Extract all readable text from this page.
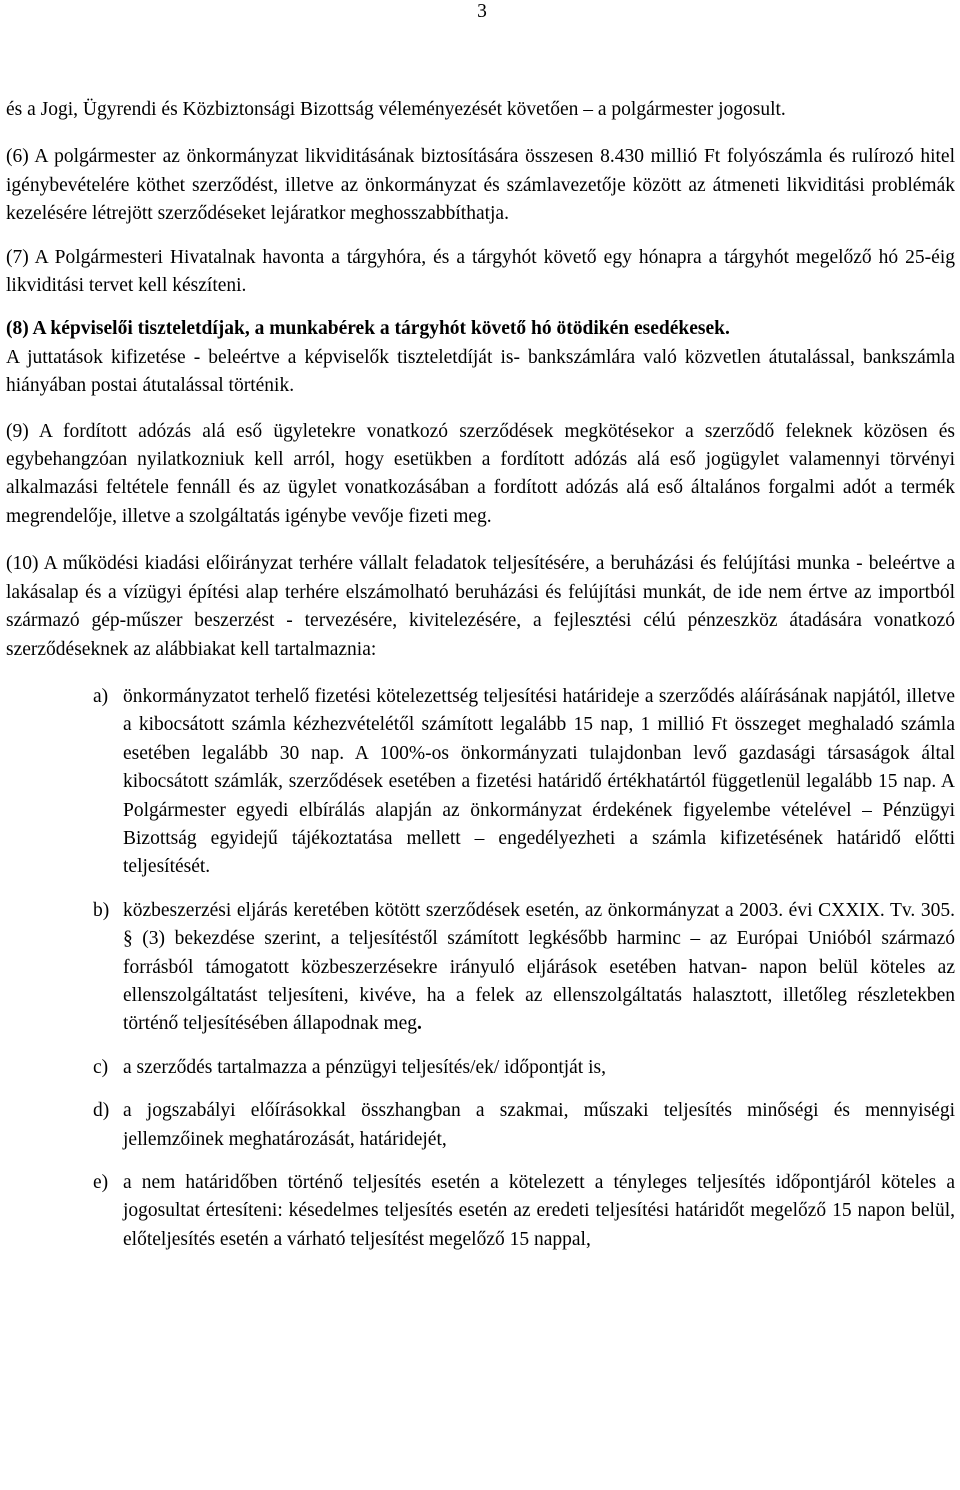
3

és a Jogi, Ügyrendi és Közbiztonsági Bizottság véleményezését követően – a polgármester jogosult.

(6) A polgármester az önkormányzat likviditásának biztosítására összesen 8.430 millió Ft folyószámla és rulírozó hitel igénybevételére köthet szerződést, illetve az önkormányzat és számlavezetője között az átmeneti likviditási problémák kezelésére létrejött szerződéseket lejáratkor meghosszabbíthatja.

(7) A Polgármesteri Hivatalnak havonta a tárgyhóra, és a tárgyhót követő egy hónapra a tárgyhót megelőző hó 25-éig likviditási tervet kell készíteni.

(8) A képviselői tiszteletdíjak, a munkabérek a tárgyhót követő hó ötödikén esedékesek.
A juttatások kifizetése - beleértve a képviselők tiszteletdíját is- bankszámlára való közvetlen átutalással, bankszámla hiányában postai átutalással történik.

(9) A fordított adózás alá eső ügyletekre vonatkozó szerződések megkötésekor a szerződő feleknek közösen és egybehangzóan nyilatkozniuk kell arról, hogy esetükben a fordított adózás alá eső jogügylet valamennyi törvényi alkalmazási feltétele fennáll és az ügylet vonatkozásában a fordított adózás alá eső általános forgalmi adót a termék megrendelője, illetve a szolgáltatás igénybe vevője fizeti meg.

(10) A működési kiadási előirányzat terhére vállalt feladatok teljesítésére, a beruházási és felújítási munka - beleértve a lakásalap és a vízügyi építési alap terhére elszámolható beruházási és felújítási munkát, de ide nem értve az importból származó gép-műszer beszerzést - tervezésére, kivitelezésére, a fejlesztési célú pénzeszköz átadására vonatkozó szerződéseknek az alábbiakat kell tartalmaznia:

a) önkormányzatot terhelő fizetési kötelezettség teljesítési határideje a szerződés aláírásának napjától, illetve a kibocsátott számla kézhezvételétől számított legalább 15 nap, 1 millió Ft összeget meghaladó számla esetében legalább 30 nap. A 100%-os önkormányzati tulajdonban levő gazdasági társaságok által kibocsátott számlák, szerződések esetében a fizetési határidő értékhatártól függetlenül legalább 15 nap. A Polgármester egyedi elbírálás alapján az önkormányzat érdekének figyelembe vételével – Pénzügyi Bizottság egyidejű tájékoztatása mellett – engedélyezheti a számla kifizetésének határidő előtti teljesítését.

b) közbeszerzési eljárás keretében kötött szerződések esetén, az önkormányzat a 2003. évi CXXIX. Tv. 305. § (3) bekezdése szerint, a teljesítéstől számított legkésőbb harminc – az Európai Unióból származó forrásból támogatott közbeszerzésekre irányuló eljárások esetében hatvan- napon belül köteles az ellenszolgáltatást teljesíteni, kivéve, ha a felek az ellenszolgáltatás halasztott, illetőleg részletekben történő teljesítésében állapodnak meg.

c) a szerződés tartalmazza a pénzügyi teljesítés/ek/ időpontját is,

d) a jogszabályi előírásokkal összhangban a szakmai, műszaki teljesítés minőségi és mennyiségi jellemzőinek meghatározását, határidejét,

e) a nem határidőben történő teljesítés esetén a kötelezett a tényleges teljesítés időpontjáról köteles a jogosultat értesíteni: késedelmes teljesítés esetén az eredeti teljesítési határidőt megelőző 15 napon belül, előteljesítés esetén a várható teljesítést megelőző 15 nappal,
